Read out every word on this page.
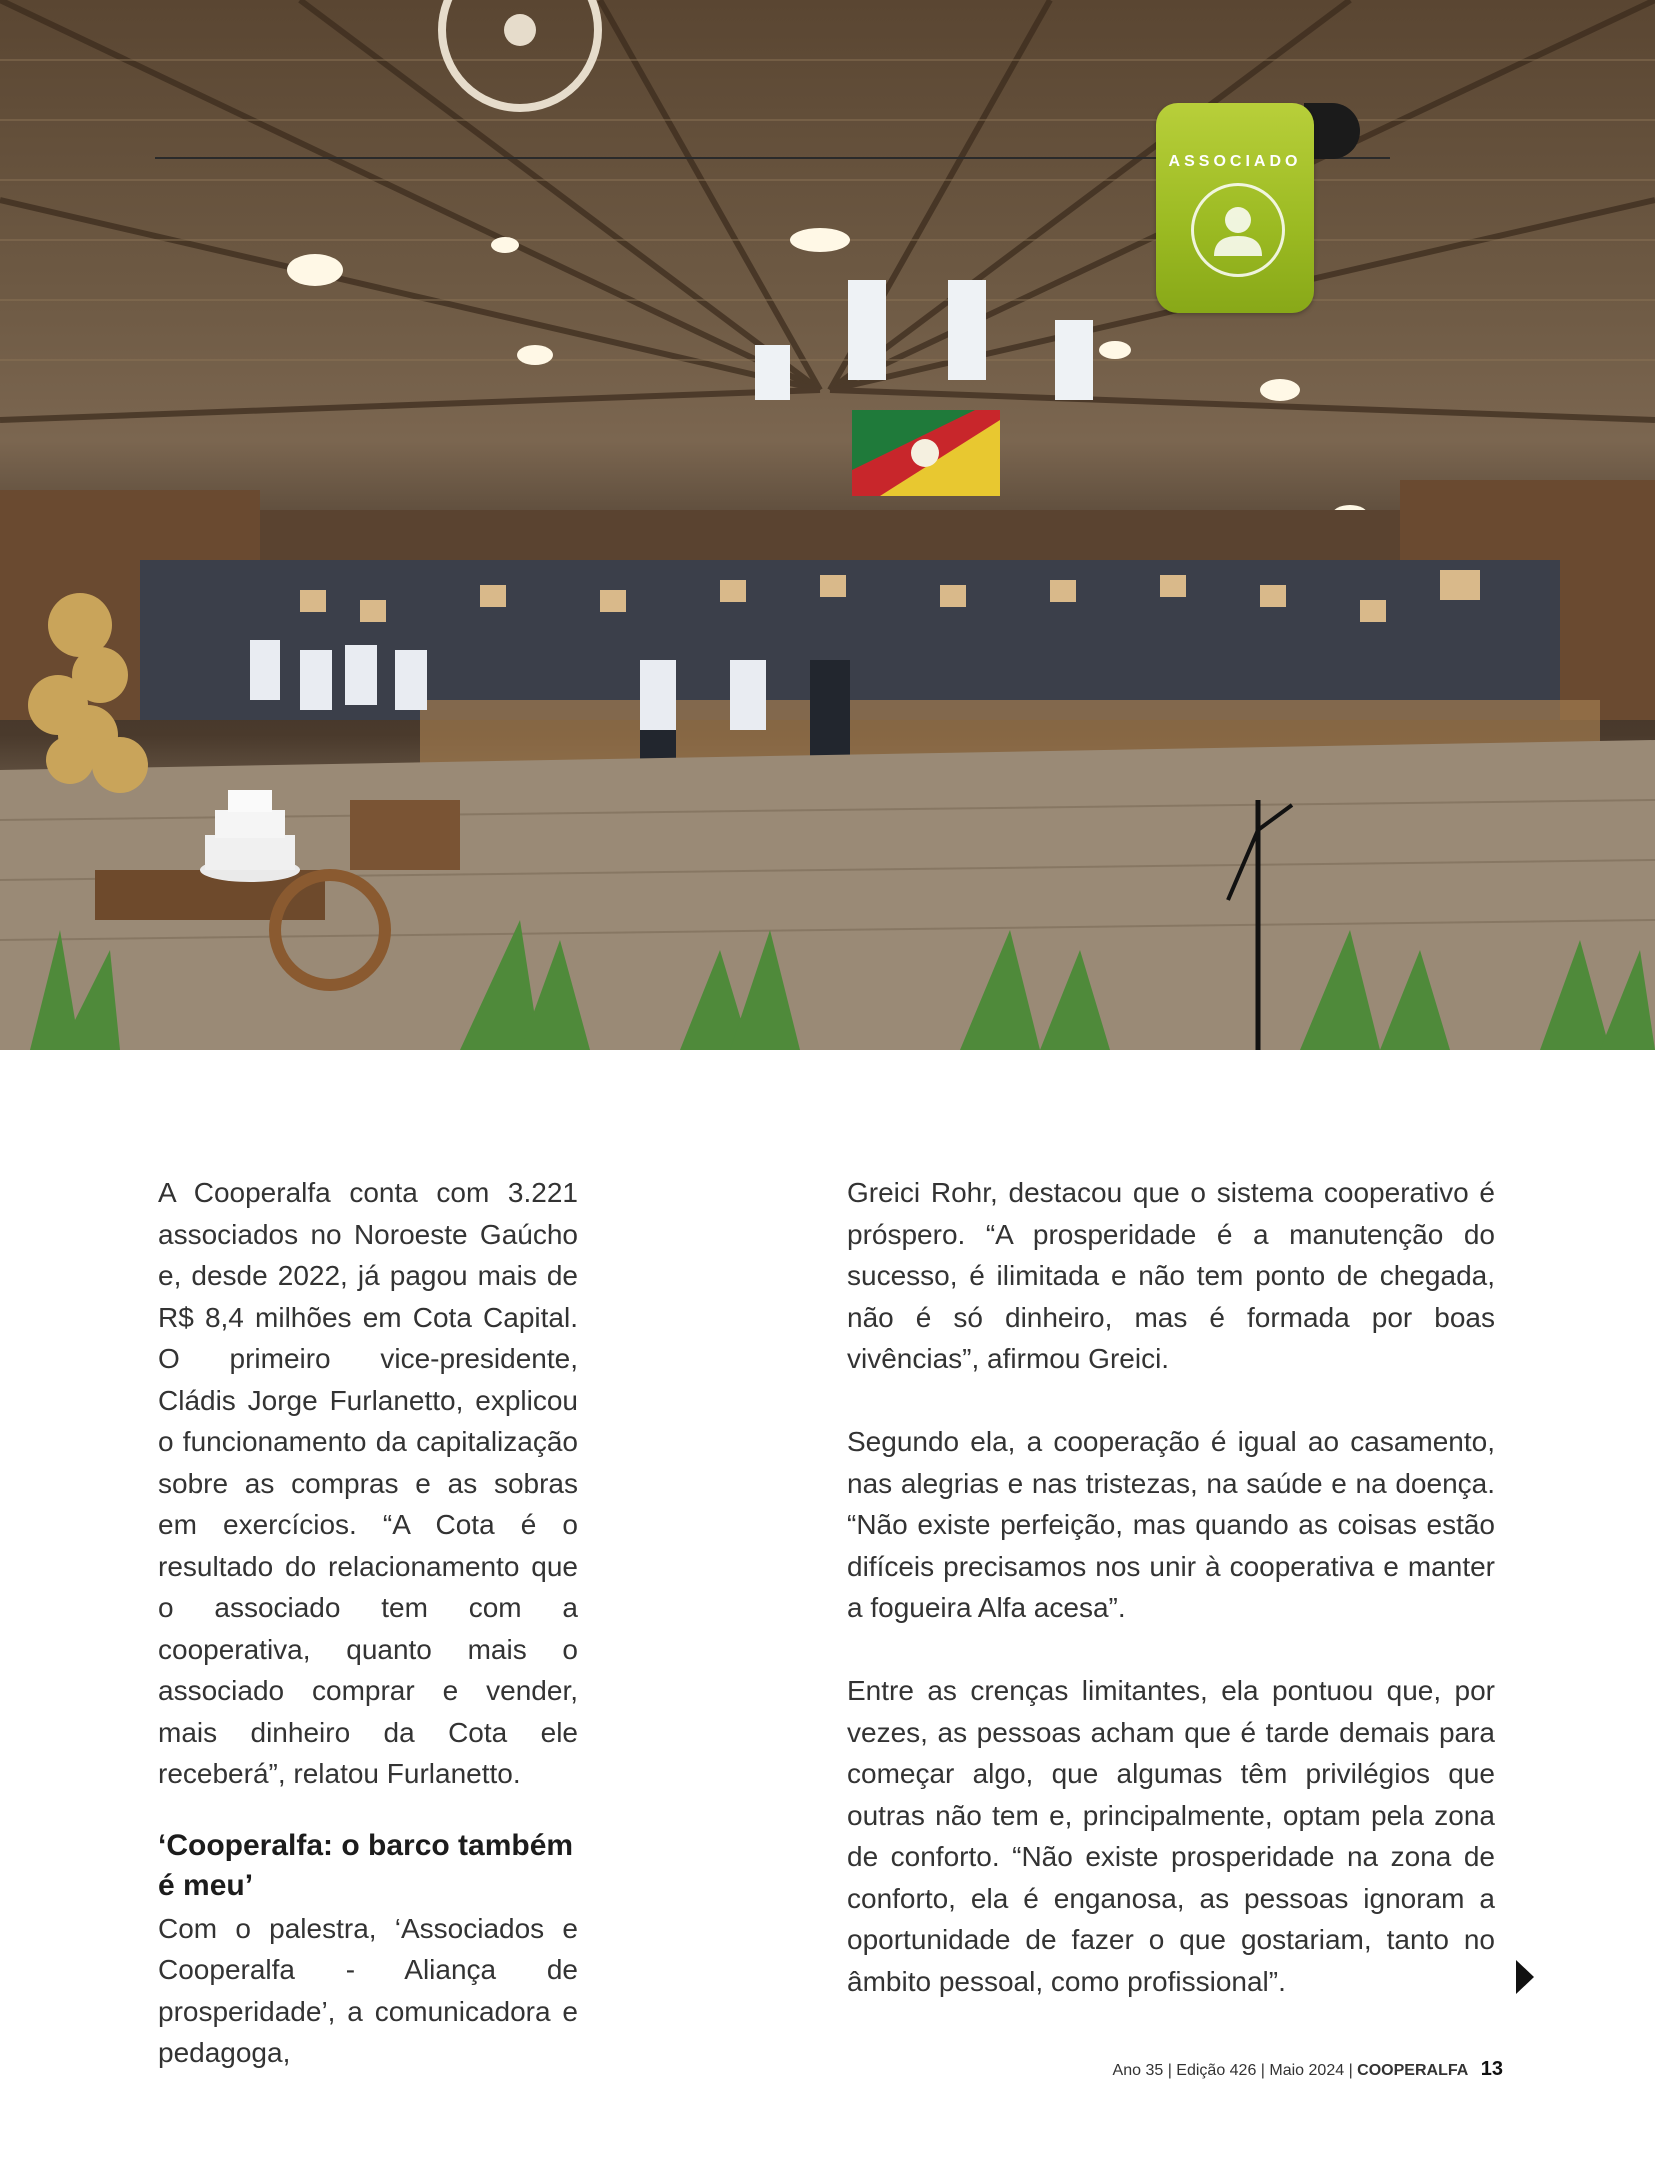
ASSOCIADO

A Cooperalfa conta com 3.221 associados no Noroeste Gaúcho e, desde 2022, já pagou mais de R$ 8,4 milhões em Cota Capital. O primeiro vice-presidente, Cládis Jorge Furlanetto, explicou o funcionamento da capitalização sobre as compras e as sobras em exercícios. “A Cota é o resultado do relacionamento que o associado tem com a cooperativa, quanto mais o associado comprar e vender, mais dinheiro da Cota ele receberá”, relatou Furlanetto.

‘Cooperalfa: o barco também é meu’

Com o palestra, ‘Associados e Cooperalfa - Aliança de prosperidade’, a comunicadora e pedagoga,

Greici Rohr, destacou que o sistema cooperativo é próspero. “A prosperidade é a manutenção do sucesso, é ilimitada e não tem ponto de chegada, não é só dinheiro, mas é formada por boas vivências”, afirmou Greici.

Segundo ela, a cooperação é igual ao casamento, nas alegrias e nas tristezas, na saúde e na doença. “Não existe perfeição, mas quando as coisas estão difíceis precisamos nos unir à cooperativa e manter a fogueira Alfa acesa”.

Entre as crenças limitantes, ela pontuou que, por vezes, as pessoas acham que é tarde demais para começar algo, que algumas têm privilégios que outras não tem e, principalmente, optam pela zona de conforto. “Não existe prosperidade na zona de conforto, ela é enganosa, as pessoas ignoram a oportunidade de fazer o que gostariam, tanto no âmbito pessoal, como profissional”.

Ano 35 | Edição 426 | Maio 2024 | COOPERALFA 13
